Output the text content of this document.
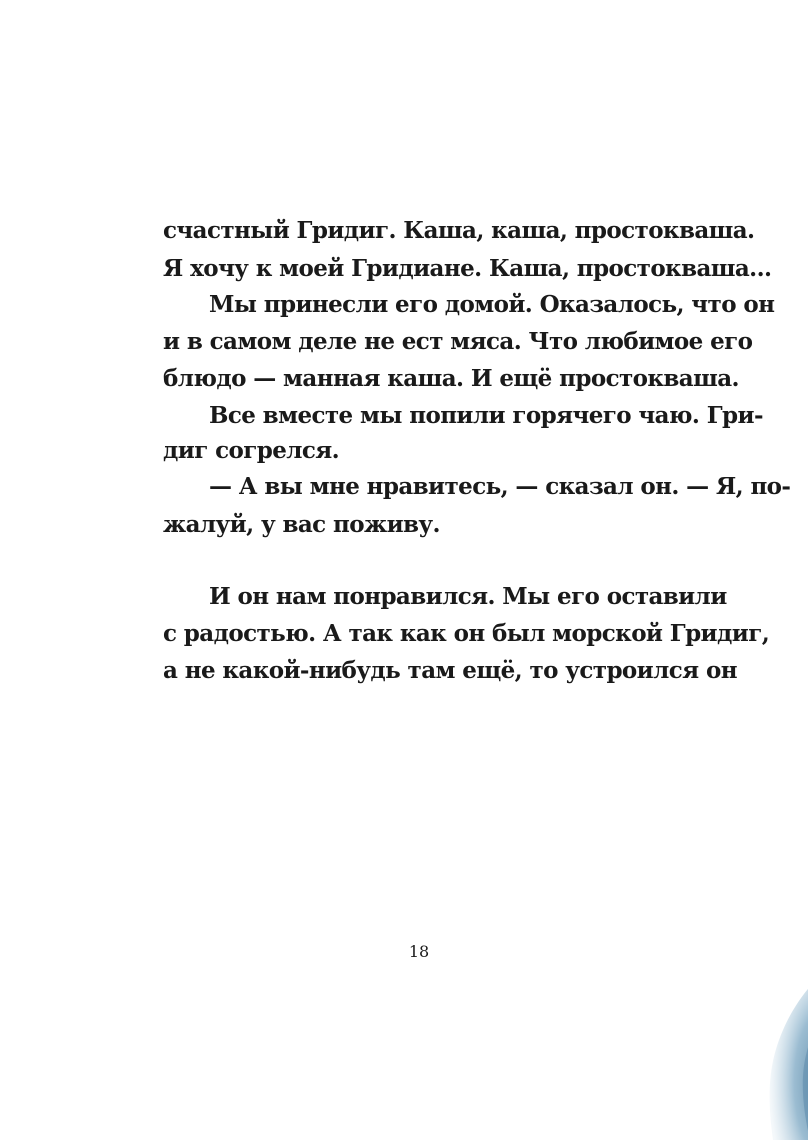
счастный Гридиг. Каша, каша, простокваша.
Я хочу к моей Гридиане. Каша, простокваша...
Мы принесли его домой. Оказалось, что он
и в самом деле не ест мяса. Что любимое его
блюдо — манная каша. И ещё простокваша.
Все вместе мы попили горячего чаю. Гри-
диг согрелся.
— А вы мне нравитесь, — сказал он. — Я, по-
жалуй, у вас поживу.
И он нам понравился. Мы его оставили
с радостью. А так как он был морской Гридиг,
а не какой-нибудь там ещё, то устроился он
18
